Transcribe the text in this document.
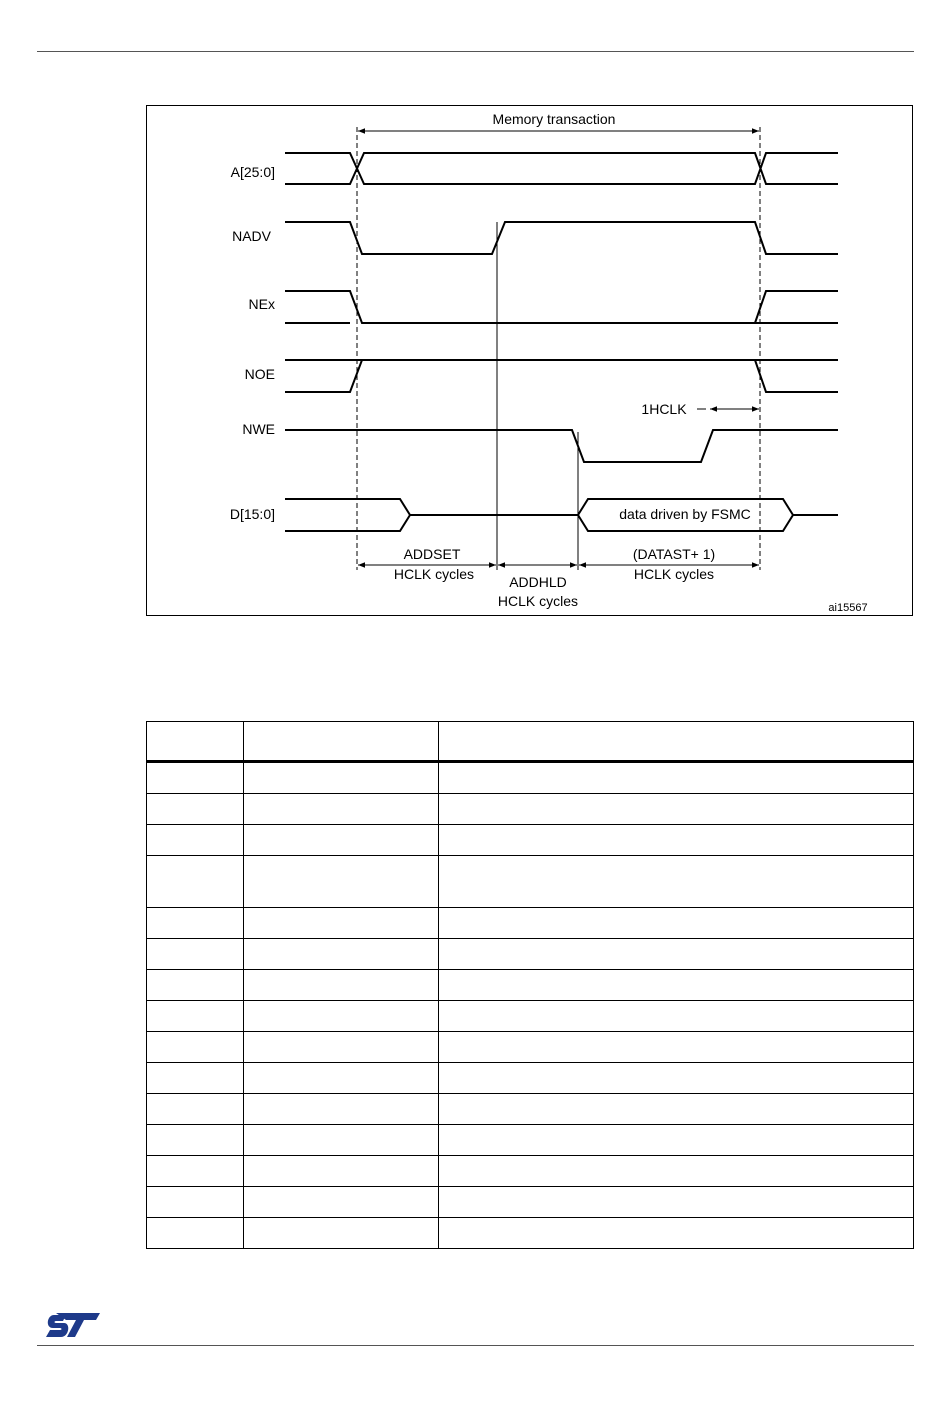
Memory transaction
A[25:0]
NADV
NEx
NOE
NWE
D[15:0]	data driven by FSMC
1HCLK
ADDSET
HCLK cycles	ADDHLD
HCLK cycles
(DATAST+ 1)
HCLK cycles
ai15567
